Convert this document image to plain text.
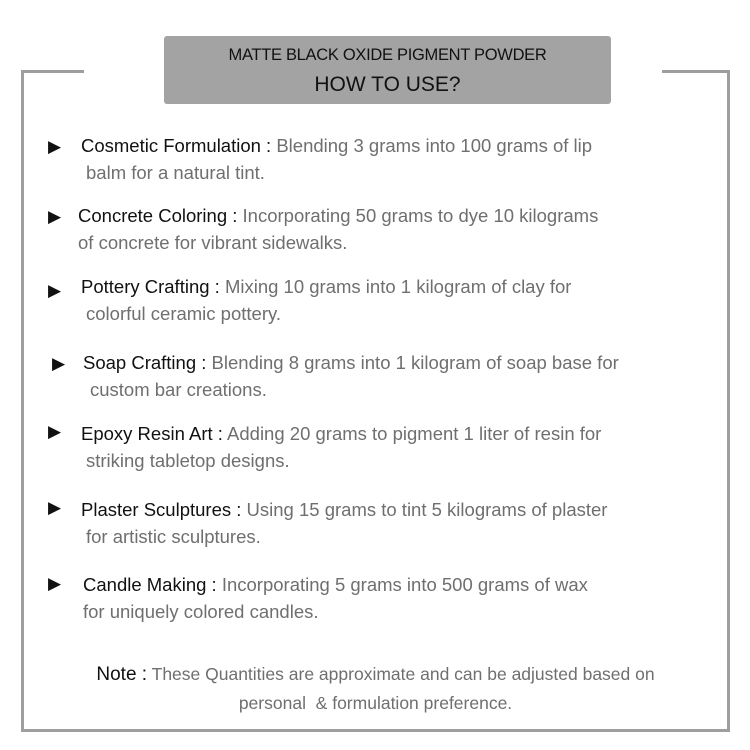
MATTE BLACK OXIDE PIGMENT POWDER
HOW TO USE?
▶	Cosmetic Formulation : Blending 3 grams into 100 grams of lip
balm for a natural tint.
▶ Concrete Coloring : Incorporating 50 grams to dye 10 kilograms
of concrete for vibrant sidewalks.
▶	Pottery Crafting : Mixing 10 grams into 1 kilogram of clay for
colorful ceramic pottery.
▶ Soap Crafting : Blending 8 grams into 1 kilogram of soap base for
custom bar creations.
▶	Epoxy Resin Art : Adding 20 grams to pigment 1 liter of resin for
striking tabletop designs.
▶	Plaster Sculptures : Using 15 grams to tint 5 kilograms of plaster
for artistic sculptures.
▶	Candle Making : Incorporating 5 grams into 500 grams of wax
for uniquely colored candles.
Note : These Quantities are approximate and can be adjusted based on
personal  & formulation preference.
